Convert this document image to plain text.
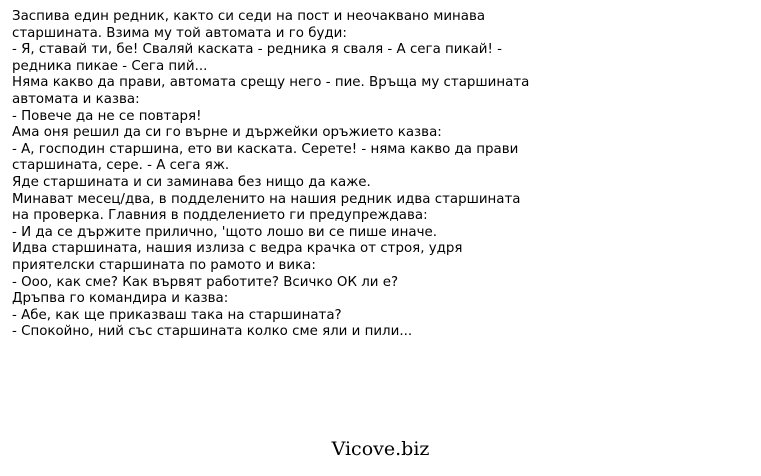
Заспива един редник, както си седи на пост и неочаквано минава
старшината. Взима му той автомата и го буди:
- Я, ставай ти, бе! Сваляй каската - редника я сваля - А сега пикай! -
редника пикае - Сега пий...
Няма какво да прави, автомата срещу него - пие. Връща му старшината
автомата и казва:
- Повече да не се повтаря!
Ама оня решил да си го върне и държейки оръжието казва:
- А, господин старшина, ето ви каската. Серете! - няма какво да прави
старшината, сере. - А сега яж.
Яде старшината и си заминава без нищо да каже.
Минават месец/два, в подделенито на нашия редник идва старшината
на проверка. Главния в подделението ги предупреждава:
- И да се държите прилично, 'щото лошо ви се пише иначе.
Идва старшината, нашия излиза с ведра крачка от строя, удря
приятелски старшината по рамото и вика:
- Ооо, как сме? Как вървят работите? Всичко ОК ли е?
Дръпва го командира и казва:
- Абе, как ще приказваш така на старшината?
- Спокойно, ний със старшината колко сме яли и пили...
Vicove.biz
